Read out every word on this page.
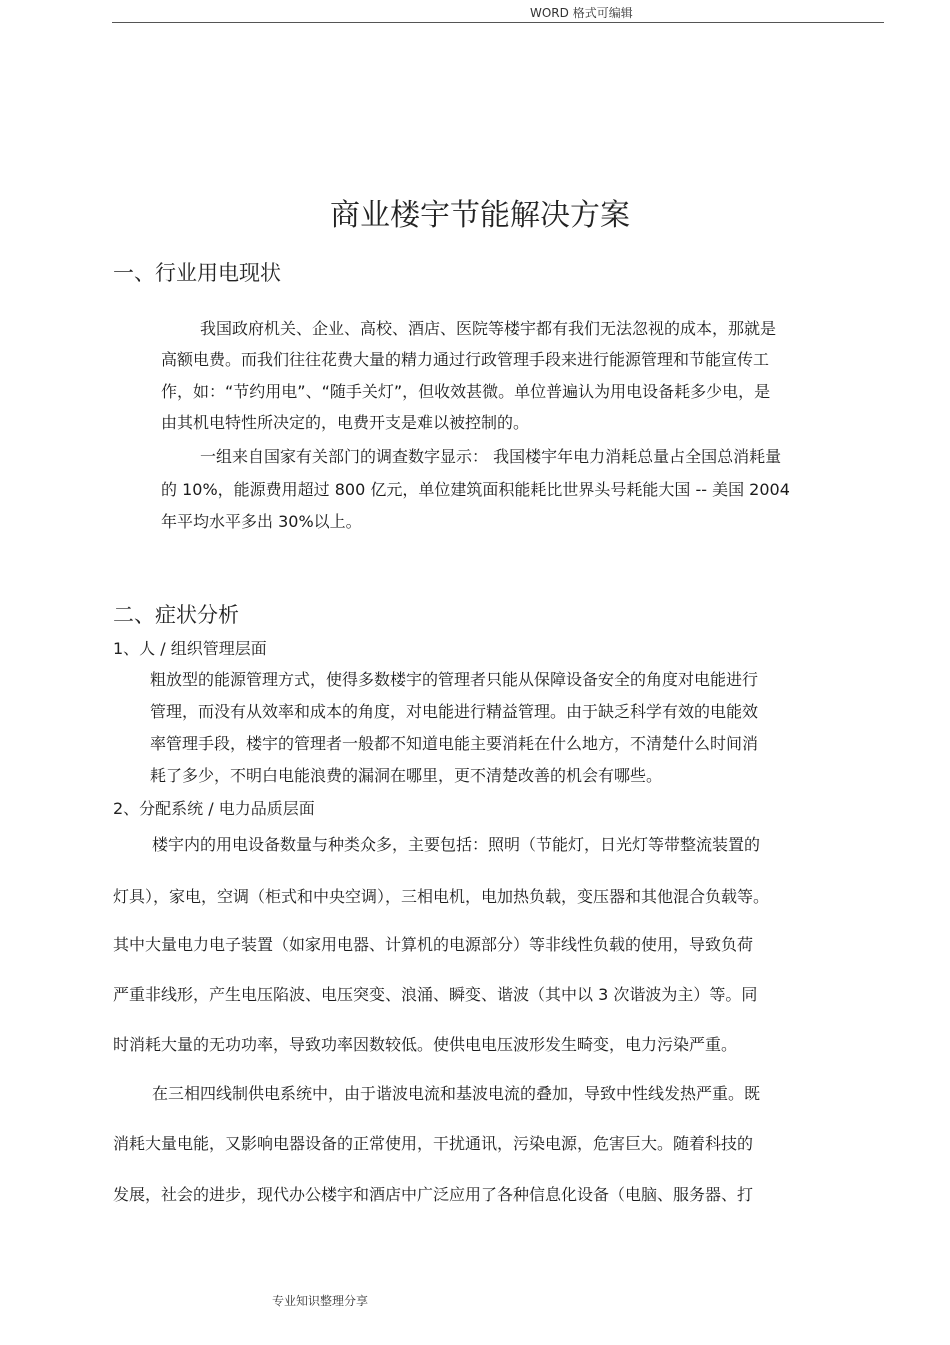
WORD 格式可编辑
商业楼宇节能解决方案
一、行业用电现状
我国政府机关、企业、高校、酒店、医院等楼宇都有我们无法忽视的成本，那就是
高额电费。而我们往往花费大量的精力通过行政管理手段来进行能源管理和节能宣传工
作，如：“节约用电”、“随手关灯”，但收效甚微。单位普遍认为用电设备耗多少电，是
由其机电特性所决定的，电费开支是难以被控制的。
一组来自国家有关部门的调查数字显示： 我国楼宇年电力消耗总量占全国总消耗量
的 10%，能源费用超过 800 亿元，单位建筑面积能耗比世界头号耗能大国 -- 美国 2004
年平均水平多出 30%以上。
二、症状分析
1、人 / 组织管理层面
粗放型的能源管理方式，使得多数楼宇的管理者只能从保障设备安全的角度对电能进行
管理，而没有从效率和成本的角度，对电能进行精益管理。由于缺乏科学有效的电能效
率管理手段，楼宇的管理者一般都不知道电能主要消耗在什么地方，不清楚什么时间消
耗了多少，不明白电能浪费的漏洞在哪里，更不清楚改善的机会有哪些。
2、分配系统 / 电力品质层面
楼宇内的用电设备数量与种类众多，主要包括：照明（节能灯，日光灯等带整流装置的
灯具），家电，空调（柜式和中央空调），三相电机，电加热负载，变压器和其他混合负载等。
其中大量电力电子装置（如家用电器、计算机的电源部分）等非线性负载的使用，导致负荷
严重非线形，产生电压陷波、电压突变、浪涌、瞬变、谐波（其中以 3 次谐波为主）等。同
时消耗大量的无功功率，导致功率因数较低。使供电电压波形发生畸变，电力污染严重。
在三相四线制供电系统中，由于谐波电流和基波电流的叠加，导致中性线发热严重。既
消耗大量电能，又影响电器设备的正常使用，干扰通讯，污染电源，危害巨大。随着科技的
发展，社会的进步，现代办公楼宇和酒店中广泛应用了各种信息化设备（电脑、服务器、打
专业知识整理分享
